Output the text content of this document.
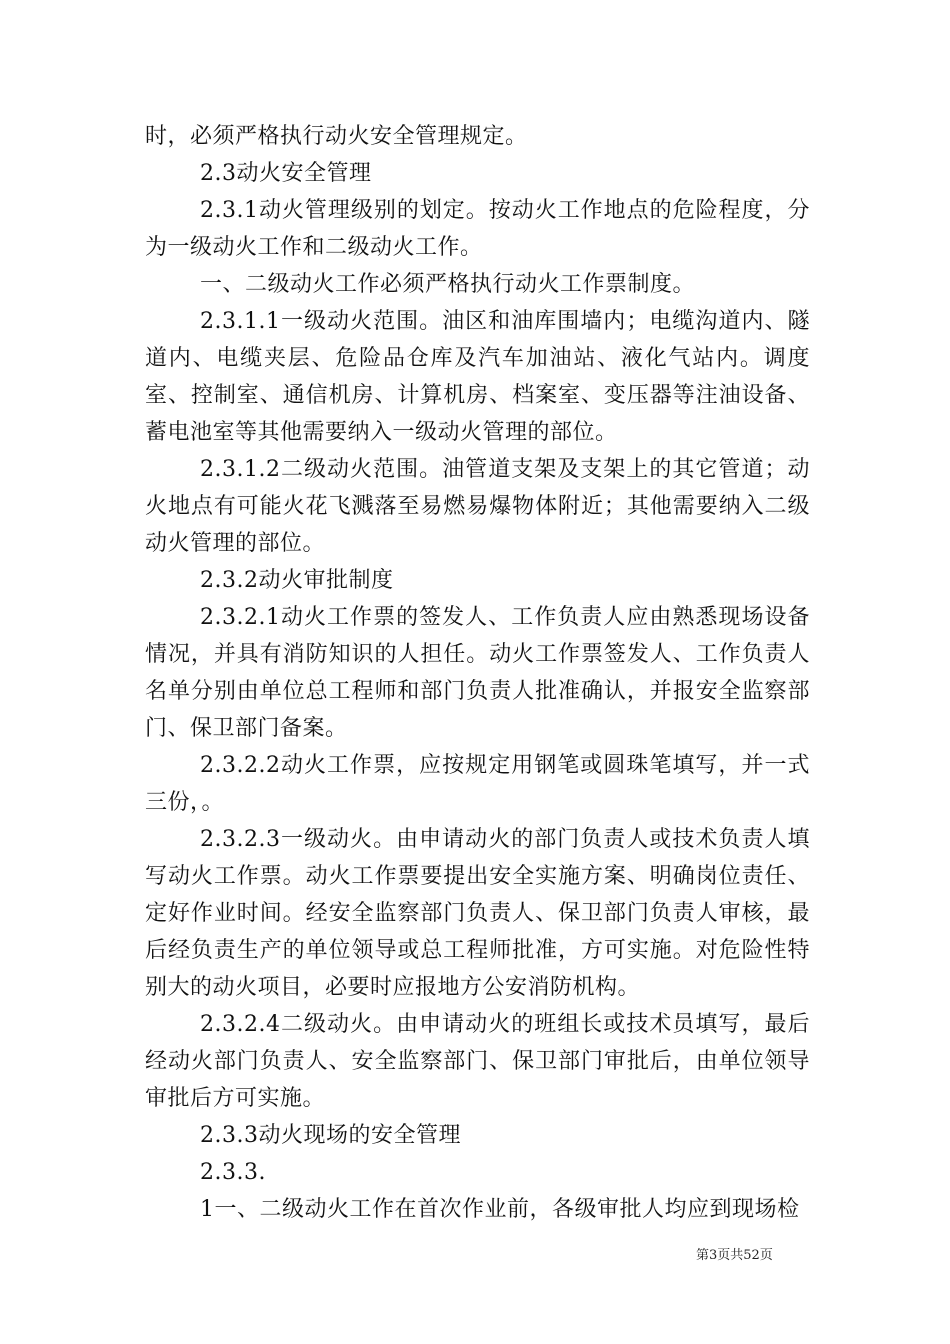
时，必须严格执行动火安全管理规定。

2.3动火安全管理

2.3.1动火管理级别的划定。按动火工作地点的危险程度，分为一级动火工作和二级动火工作。

一、二级动火工作必须严格执行动火工作票制度。

2.3.1.1一级动火范围。油区和油库围墙内；电缆沟道内、隧道内、电缆夹层、危险品仓库及汽车加油站、液化气站内。调度室、控制室、通信机房、计算机房、档案室、变压器等注油设备、蓄电池室等其他需要纳入一级动火管理的部位。

2.3.1.2二级动火范围。油管道支架及支架上的其它管道；动火地点有可能火花飞溅落至易燃易爆物体附近；其他需要纳入二级动火管理的部位。

2.3.2动火审批制度

2.3.2.1动火工作票的签发人、工作负责人应由熟悉现场设备情况，并具有消防知识的人担任。动火工作票签发人、工作负责人名单分别由单位总工程师和部门负责人批准确认，并报安全监察部门、保卫部门备案。

2.3.2.2动火工作票，应按规定用钢笔或圆珠笔填写，并一式三份，。

2.3.2.3一级动火。由申请动火的部门负责人或技术负责人填写动火工作票。动火工作票要提出安全实施方案、明确岗位责任、定好作业时间。经安全监察部门负责人、保卫部门负责人审核，最后经负责生产的单位领导或总工程师批准，方可实施。对危险性特别大的动火项目，必要时应报地方公安消防机构。

2.3.2.4二级动火。由申请动火的班组长或技术员填写，最后经动火部门负责人、安全监察部门、保卫部门审批后，由单位领导审批后方可实施。

2.3.3动火现场的安全管理

2.3.3.

1一、二级动火工作在首次作业前，各级审批人均应到现场检

第3页共52页
